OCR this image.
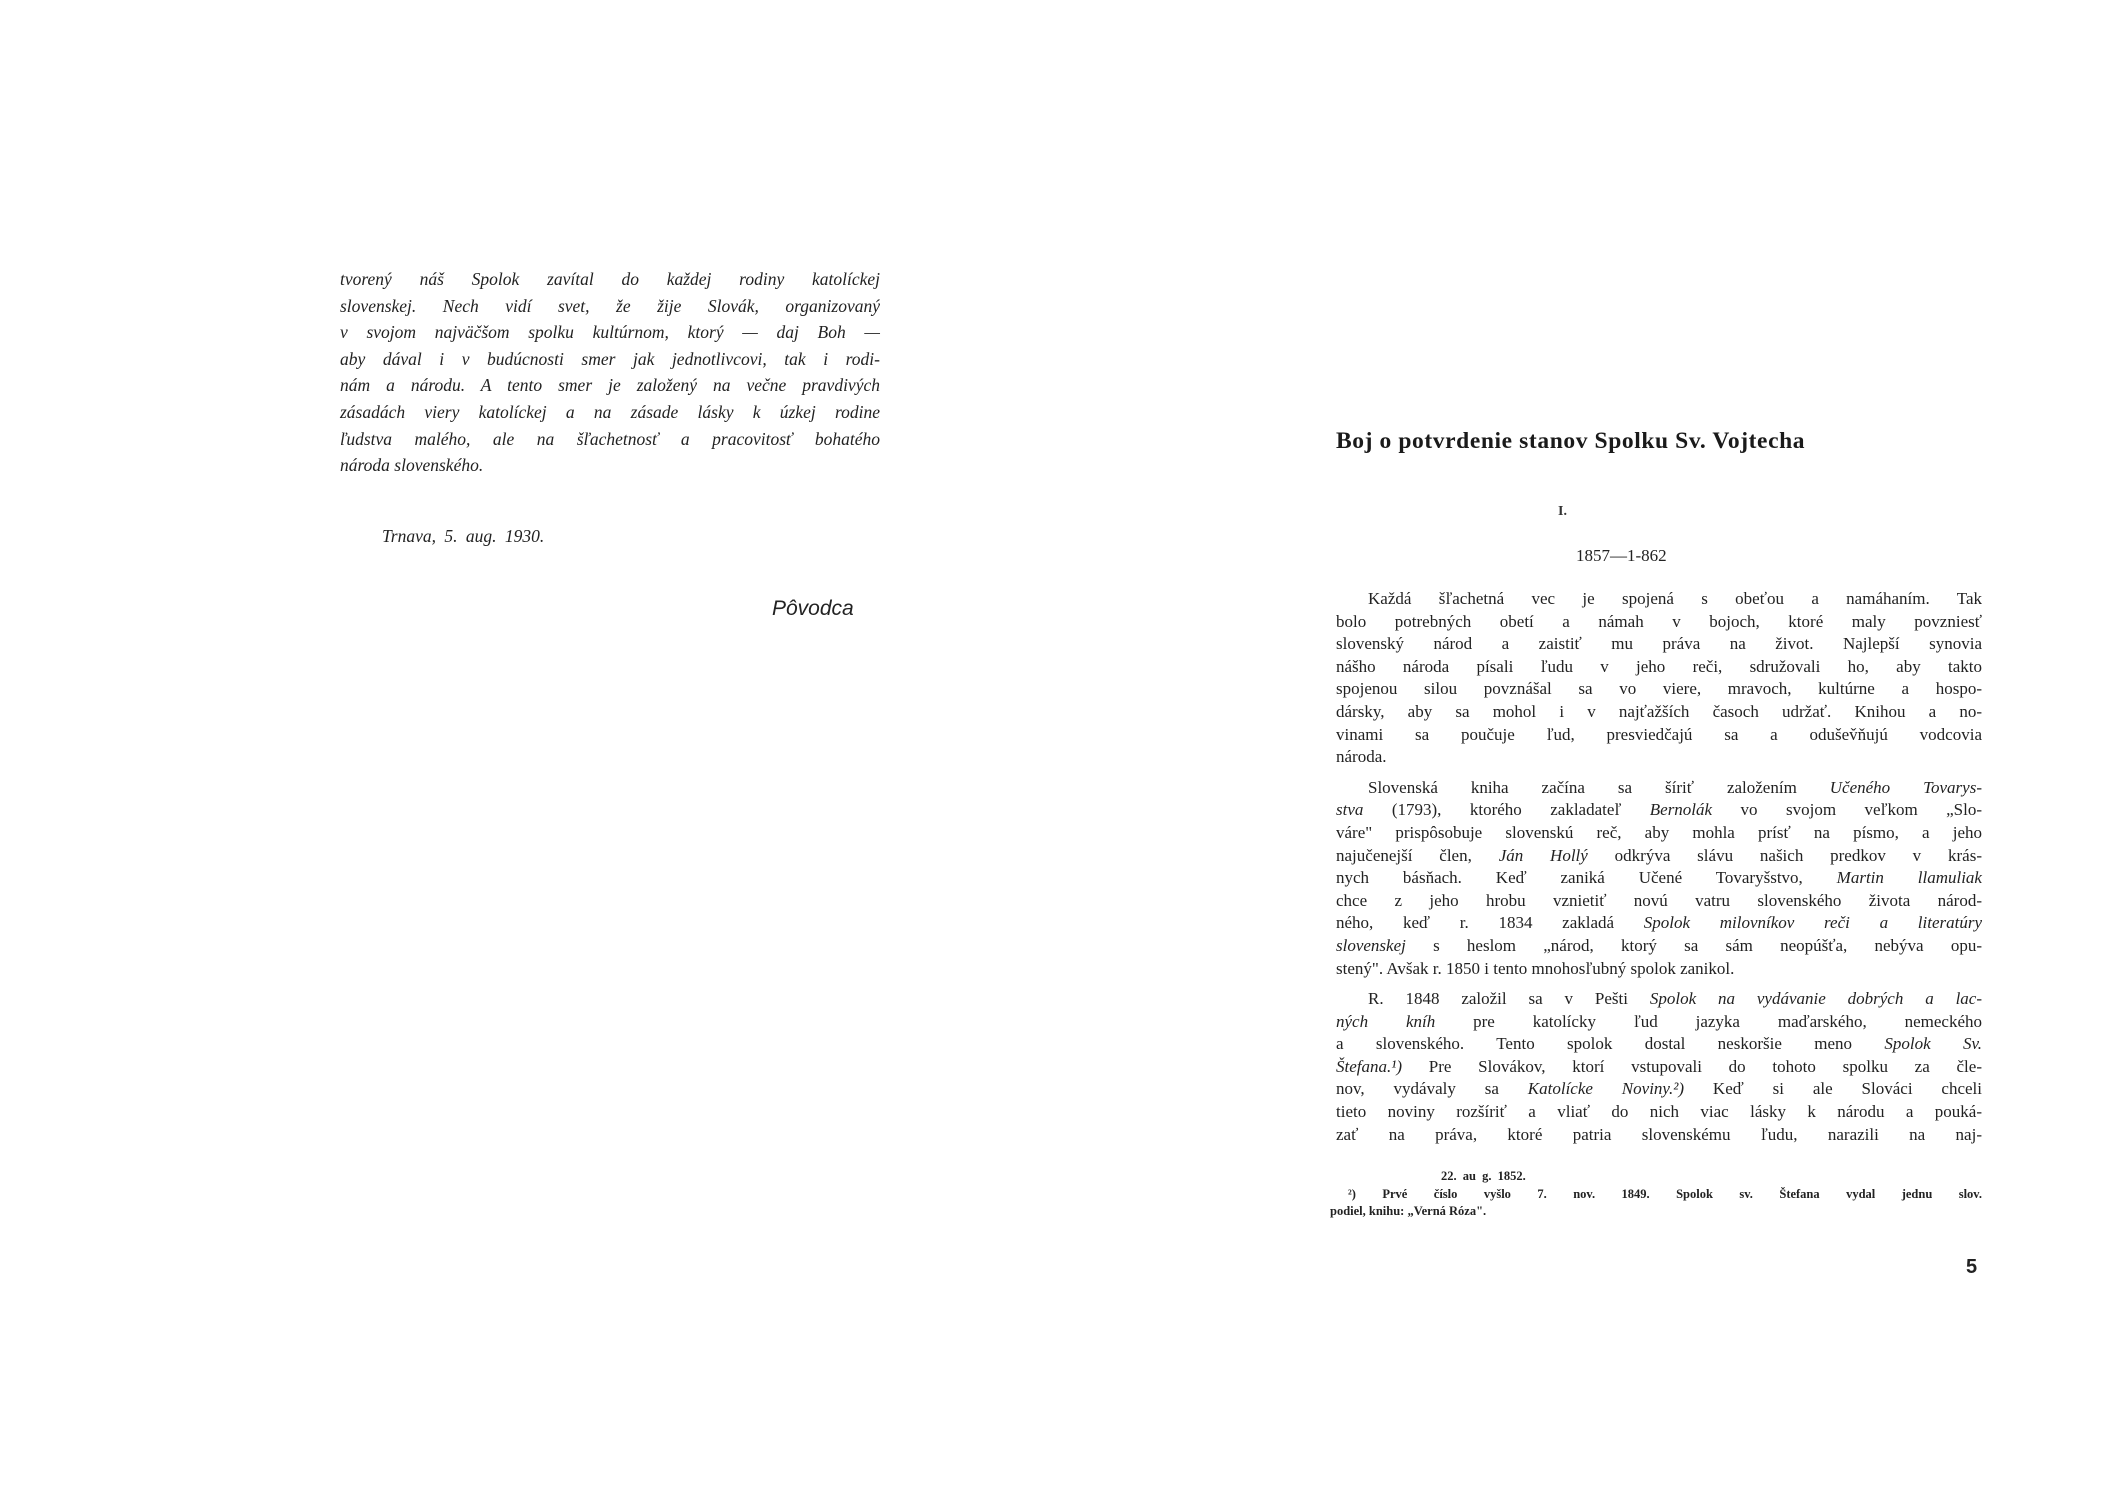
tvorený náš Spolok zavítal do každej rodiny katolíckej
slovenskej. Nech vidí svet, že žije Slovák, organizovaný
v svojom najväčšom spolku kultúrnom, ktorý — daj Boh —
aby dával i v budúcnosti smer jak jednotlivcovi, tak i rodi-
nám a národu. A tento smer je založený na večne pravdivých
zásadách viery katolíckej a na zásade lásky k úzkej rodine
ľudstva malého, ale na šľachetnosť a pracovitosť bohatého
národa slovenského.

Trnava, 5. aug. 1930.

Pôvodca

Boj o potvrdenie stanov Spolku Sv. Vojtecha

I.

1857—1-862

Každá šľachetná vec je spojená s obeťou a namáhaním. Tak
bolo potrebných obetí a námah v bojoch, ktoré maly povzniesť
slovenský národ a zaistiť mu práva na život. Najlepší synovia
nášho národa písali ľudu v jeho reči, sdružovali ho, aby takto
spojenou silou povznášal sa vo viere, mravoch, kultúrne a hospo-
dársky, aby sa mohol i v najťažších časoch udržať. Knihou a no-
vinami sa poučuje ľud, presviedčajú sa a odušev̌ňujú vodcovia
národa.

Slovenská kniha začína sa šíriť založením Učeného Tovarys-
stva (1793), ktorého zakladateľ Bernolák vo svojom veľkom „Slo-
váre" prispôsobuje slovenskú reč, aby mohla prísť na písmo, a jeho
najučenejší člen, Ján Hollý odkrýva slávu našich predkov v krás-
nych básňach. Keď zaniká Učené Tovaryšstvo, Martin llamuliak
chce z jeho hrobu vznietiť novú vatru slovenského života národ-
ného, keď r. 1834 zakladá Spolok milovníkov reči a literatúry
slovenskej s heslom „národ, ktorý sa sám neopúšťa, nebýva opu-
stený". Avšak r. 1850 i tento mnohosľubný spolok zanikol.

R. 1848 založil sa v Pešti Spolok na vydávanie dobrých a lac-
ných kníh pre katolícky ľud jazyka maďarského, nemeckého
a slovenského. Tento spolok dostal neskoršie meno Spolok Sv.
Štefana.¹) Pre Slovákov, ktorí vstupovali do tohoto spolku za čle-
nov, vydávaly sa Katolícke Noviny.²) Keď si ale Slováci chceli
tieto noviny rozšíriť a vliať do nich viac lásky k národu a pouká-
zať na práva, ktoré patria slovenskému ľudu, narazili na naj-

22. au g. 1852.

²) Prvé číslo vyšlo 7. nov. 1849. Spolok sv. Štefana vydal jednu slov.
podiel, knihu: „Verná Róza".

5
